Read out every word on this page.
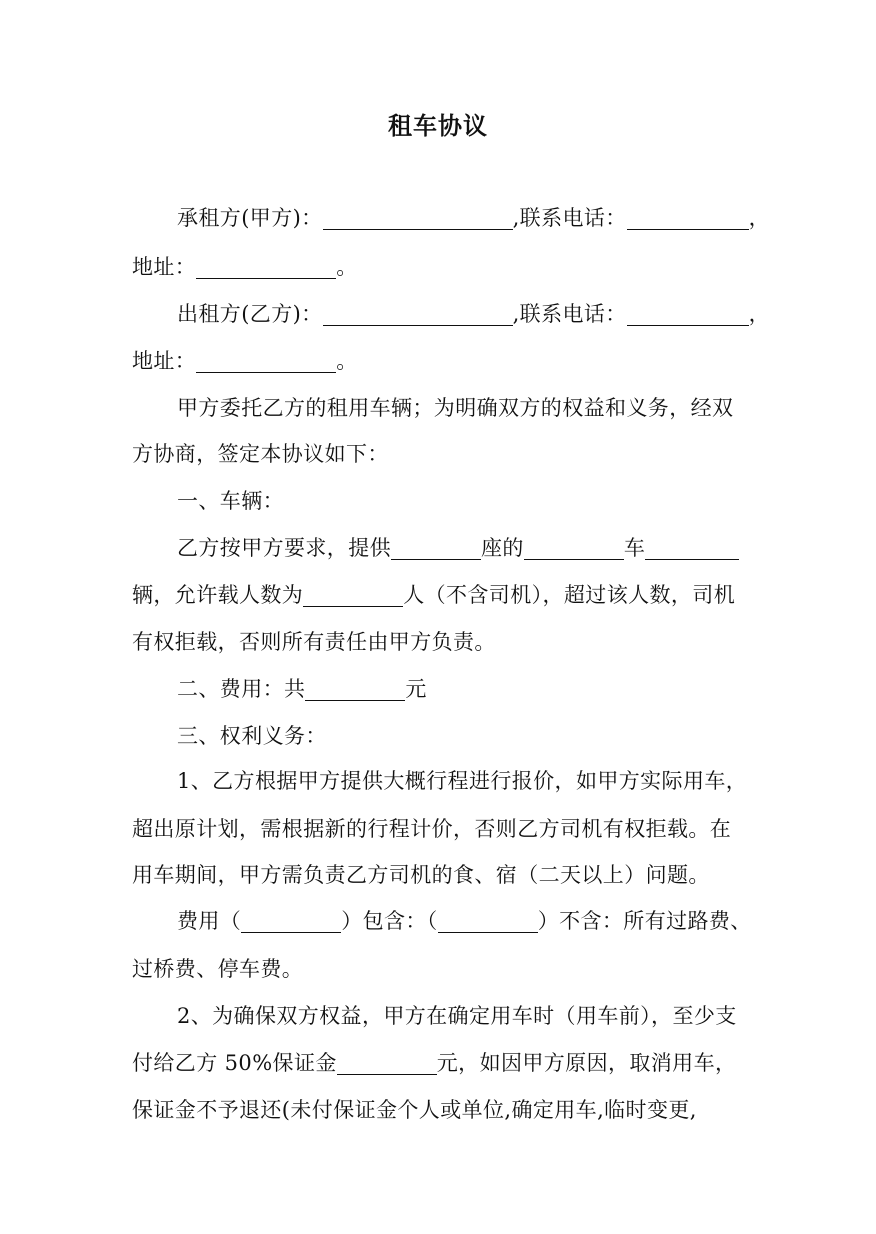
租车协议
承租方(甲方)：	,联系电话：	，
地址：	。
出租方(乙方)：	,联系电话：	，
地址：	。
甲方委托乙方的租用车辆；为明确双方的权益和义务，经双
方协商，签定本协议如下：
一、车辆：
乙方按甲方要求，提供	座的	车
辆，允许载人数为	人（不含司机），超过该人数，司机
有权拒载，否则所有责任由甲方负责。
二、费用：共	元
三、权利义务：
1、乙方根据甲方提供大概行程进行报价，如甲方实际用车，
超出原计划，需根据新的行程计价，否则乙方司机有权拒载。在
用车期间，甲方需负责乙方司机的食、宿（二天以上）问题。
费用（	）包含：（	）不含：所有过路费、
过桥费、停车费。
2、为确保双方权益，甲方在确定用车时（用车前），至少支
付给乙方 50%保证金	元，如因甲方原因，取消用车，
保证金不予退还(未付保证金个人或单位,确定用车,临时变更,
